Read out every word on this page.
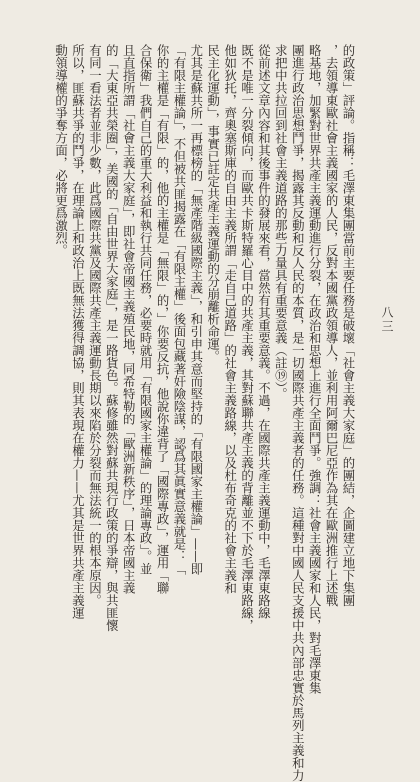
的政策」評論。指稱：毛澤東集團當前主要任務是破壞「社會主義大家庭」的團結，企圖建立地下集團

，去領導東歐社會主義國家的人民，反對本國黨政領導人，並利用阿爾巴尼亞作為其在歐洲推行上述戰

略基地，加緊對世界共產主義運動進行分裂，在政治和思想上進行全面鬥爭。強調：社會主義國家和人民，對毛澤東集

團進行政治思想鬥爭，揭露其反動和反人民的本質，是一切國際共產主義者的任務。這種對中國人民支援中共內部忠實於馬列主義和力

求把中共拉回到社會主義道路的那些力量具有重要意義（註⑲）。

從前述文章內容和其後事件的發展來看，當然有其重要意義。不過，在國際共產主義運動中，毛澤東路線

既不是唯一分裂傾向，而歐共卡斯特羅心目中的共產主義，其對蘇聯共產主義的背離並不下於毛澤東路線，

他如狄托，齊奧塞斯庫的自由主義所謂「走自己道路」的社會主義路線，以及杜布奇克的社會主義和

民主化運動」，事實已註定共產主義運動的分崩離析命運。

尤其是蘇共所一再標榜的「無產階級國際主義」，和引申其意而堅持的「有限國家主權論」——即

「有限主權論」，不但被共匪揭露在「有限主權」後面包藏著奸險陰謀，認爲其眞實意義就是：「

你的主權是「有限」的，他的主權是「無限」的，」你要反抗，他說你違背了「國際專政」，運用「聯

合保衛」我們自己的重大利益和執行共同任務，必要時就用「有限國家主權論」的理論專政」。並

且直指所謂「社會主義大家庭」，即社會帝國主義殖民地，同希特勒的「歐洲新秩序」，日本帝國主義

的「大東亞共榮圈」，美國的「自由世界大家庭」，是一路貨色。蘇修雖然對蘇共現行政策的爭辯，與共匪懷

有同一看法者並非少數，此爲國際共黨及國際共產主義運動長期以來陷於分裂而無法統一的根本原因。

所以，匪蘇共爭的鬥爭，在理論上和政治上既無法獲得調協，則其表現在權力——尤其是世界共產主義運

動領導權的爭奪方面，必將更爲激烈。

八三
